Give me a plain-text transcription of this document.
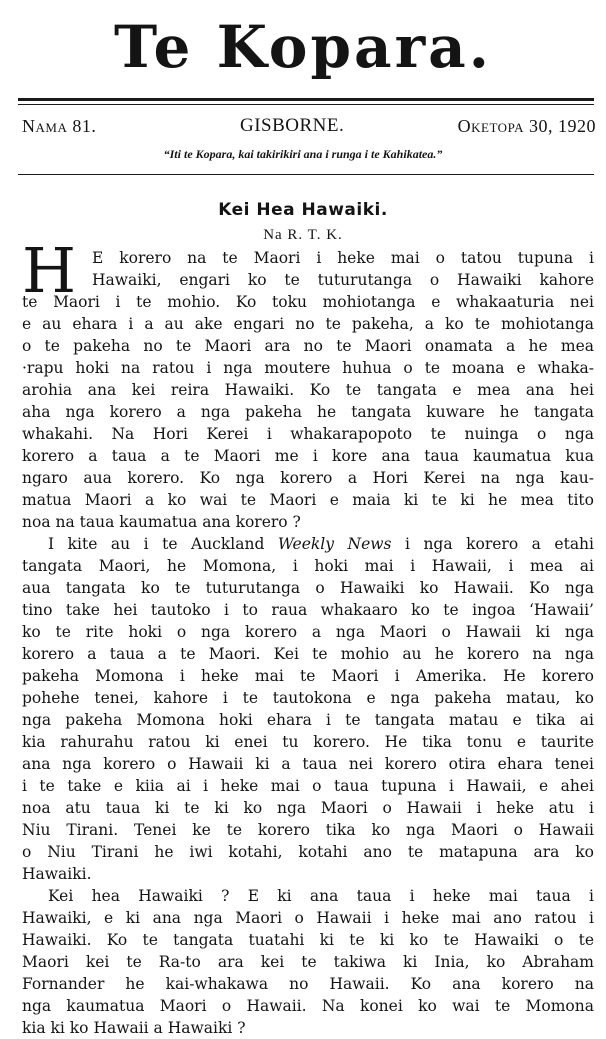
Te Kopara.
Nama 81.	GISBORNE.	Oketopa 30, 1920
“Iti te Kopara, kai takirikiri ana i runga i te Kahikatea.”
Kei Hea Hawaiki.
Na R. T. K.
H	E korero na te Maori i heke mai o tatou tupuna i
Hawaiki, engari ko te tuturutanga o Hawaiki kahore
te Maori i te mohio. Ko toku mohiotanga e whakaaturia nei
e au ehara i a au ake engari no te pakeha, a ko te mohiotanga
o te pakeha no te Maori ara no te Maori onamata a he mea
·rapu hoki na ratou i nga moutere huhua o te moana e whaka-
arohia ana kei reira Hawaiki. Ko te tangata e mea ana hei
aha nga korero a nga pakeha he tangata kuware he tangata
whakahi. Na Hori Kerei i whakarapopoto te nuinga o nga
korero a taua a te Maori me i kore ana taua kaumatua kua
ngaro aua korero. Ko nga korero a Hori Kerei na nga kau-
matua Maori a ko wai te Maori e maia ki te ki he mea tito
noa na taua kaumatua ana korero ?
I kite au i te Auckland Weekly News i nga korero a etahi
tangata Maori, he Momona, i hoki mai i Hawaii, i mea ai
aua tangata ko te tuturutanga o Hawaiki ko Hawaii. Ko nga
tino take hei tautoko i to raua whakaaro ko te ingoa ‘Hawaii’
ko te rite hoki o nga korero a nga Maori o Hawaii ki nga
korero a taua a te Maori. Kei te mohio au he korero na nga
pakeha Momona i heke mai te Maori i Amerika. He korero
pohehe tenei, kahore i te tautokona e nga pakeha matau, ko
nga pakeha Momona hoki ehara i te tangata matau e tika ai
kia rahurahu ratou ki enei tu korero. He tika tonu e taurite
ana nga korero o Hawaii ki a taua nei korero otira ehara tenei
i te take e kiia ai i heke mai o taua tupuna i Hawaii, e ahei
noa atu taua ki te ki ko nga Maori o Hawaii i heke atu i
Niu Tirani. Tenei ke te korero tika ko nga Maori o Hawaii
o Niu Tirani he iwi kotahi, kotahi ano te matapuna ara ko
Hawaiki.
Kei hea Hawaiki ? E ki ana taua i heke mai taua i
Hawaiki, e ki ana nga Maori o Hawaii i heke mai ano ratou i
Hawaiki. Ko te tangata tuatahi ki te ki ko te Hawaiki o te
Maori kei te Ra-to ara kei te takiwa ki Inia, ko Abraham
Fornander he kai-whakawa no Hawaii. Ko ana korero na
nga kaumatua Maori o Hawaii. Na konei ko wai te Momona
kia ki ko Hawaii a Hawaiki ?
